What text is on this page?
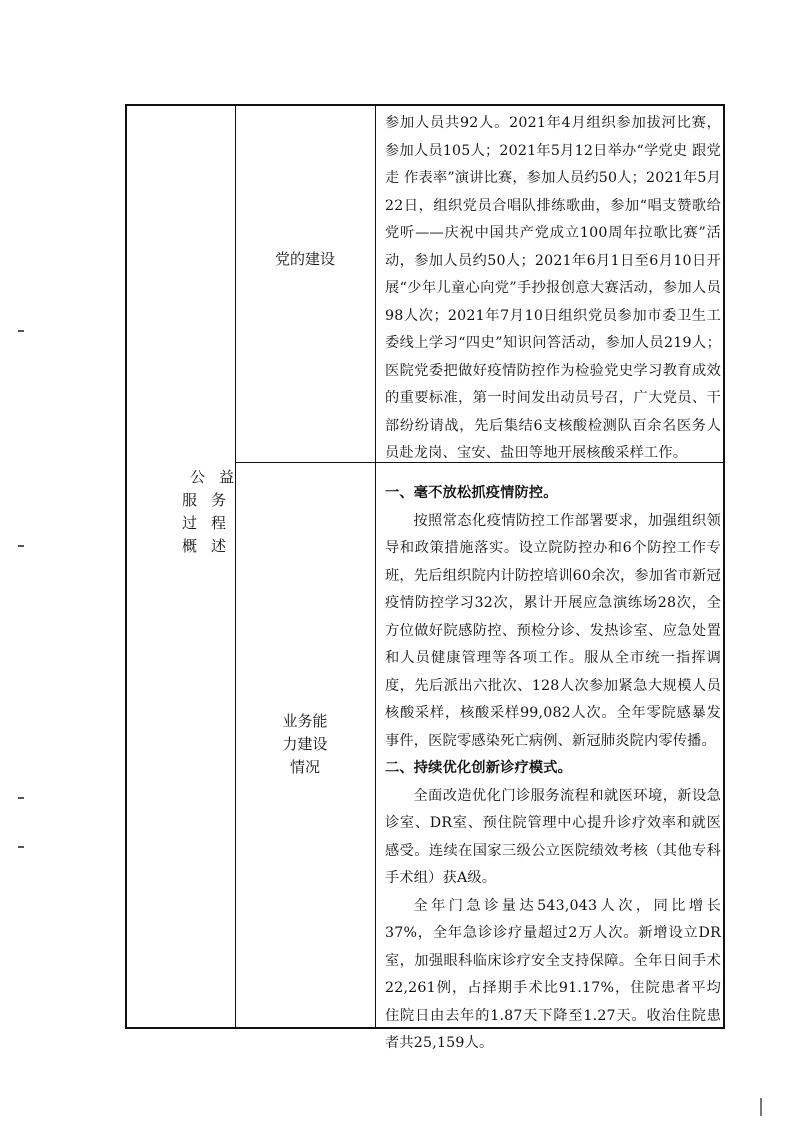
公 益
服 务
过 程
概 述
党的建设

参加人员共92人。2021年4月组织参加拔河比赛，参加人员105人；2021年5月12日举办“学党史 跟党走 作表率”演讲比赛，参加人员约50人；2021年5月22日，组织党员合唱队排练歌曲，参加“唱支赞歌给党听——庆祝中国共产党成立100周年拉歌比赛”活动，参加人员约50人；2021年6月1日至6月10日开展“少年儿童心向党”手抄报创意大赛活动，参加人员98人次；2021年7月10日组织党员参加市委卫生工委线上学习“四史”知识问答活动，参加人员219人；医院党委把做好疫情防控作为检验党史学习教育成效的重要标准，第一时间发出动员号召，广大党员、干部纷纷请战，先后集结6支核酸检测队百余名医务人员赴龙岗、宝安、盐田等地开展核酸采样工作。

业务能
力建设
情况

一、毫不放松抓疫情防控。

按照常态化疫情防控工作部署要求，加强组织领导和政策措施落实。设立院防控办和6个防控工作专班，先后组织院内计防控培训60余次，参加省市新冠疫情防控学习32次，累计开展应急演练场28次，全方位做好院感防控、预检分诊、发热诊室、应急处置和人员健康管理等各项工作。服从全市统一指挥调度，先后派出六批次、128人次参加紧急大规模人员核酸采样，核酸采样99,082人次。全年零院感暴发事件，医院零感染死亡病例、新冠肺炎院内零传播。

二、持续优化创新诊疗模式。

全面改造优化门诊服务流程和就医环境，新设急诊室、DR室、预住院管理中心提升诊疗效率和就医感受。连续在国家三级公立医院绩效考核（其他专科手术组）获A级。

全年门急诊量达543,043人次，同比增长37%，全年急诊诊疗量超过2万人次。新增设立DR室，加强眼科临床诊疗安全支持保障。全年日间手术22,261例，占择期手术比91.17%，住院患者平均住院日由去年的1.87天下降至1.27天。收治住院患者共25,159人。
